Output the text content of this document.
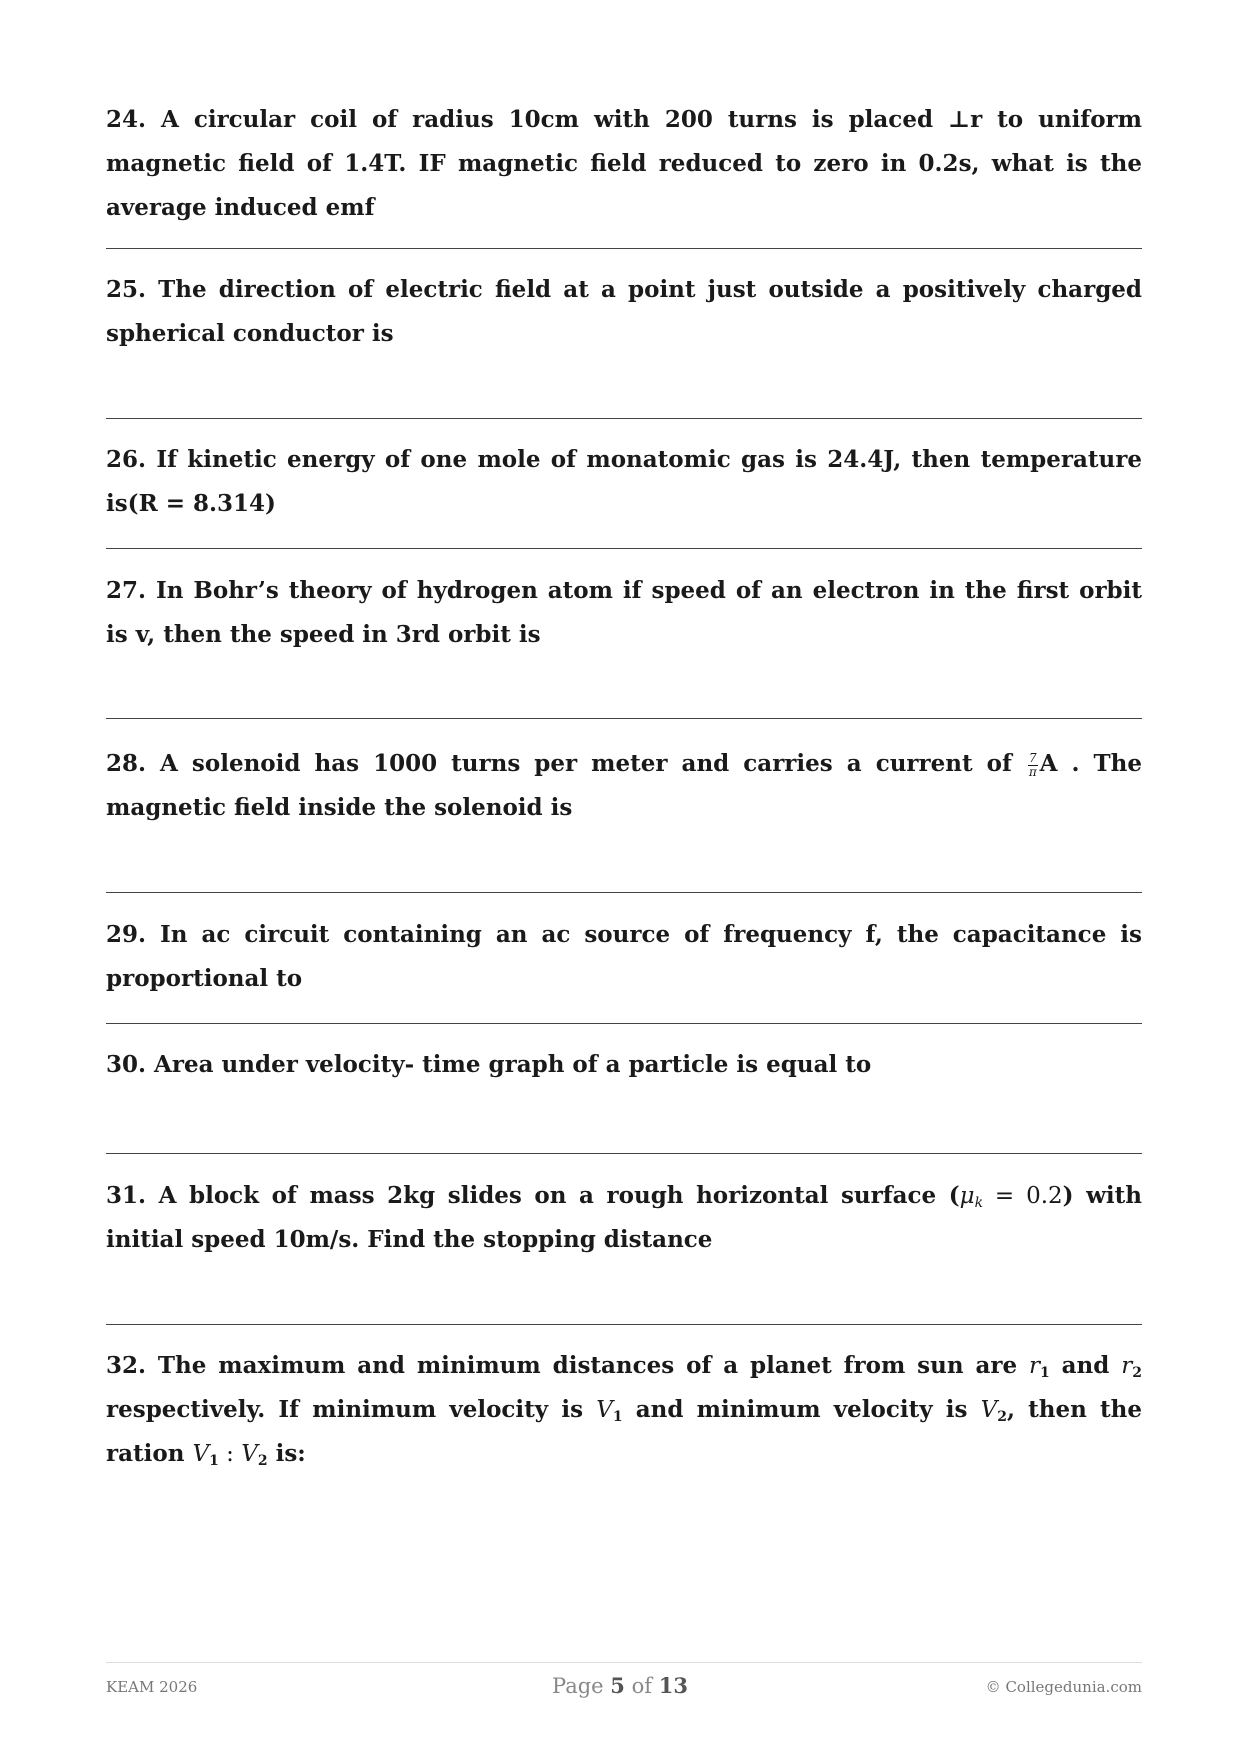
24. A circular coil of radius 10cm with 200 turns is placed ⊥r to uniform magnetic field of 1.4T. IF magnetic field reduced to zero in 0.2s, what is the average induced emf
25. The direction of electric field at a point just outside a positively charged spherical conductor is
26. If kinetic energy of one mole of monatomic gas is 24.4J, then temperature is(R = 8.314)
27. In Bohr’s theory of hydrogen atom if speed of an electron in the first orbit is v, then the speed in 3rd orbit is
28. A solenoid has 1000 turns per meter and carries a current of $\frac{7}{\pi}$ A . The magnetic field inside the solenoid is
29. In ac circuit containing an ac source of frequency f, the capacitance is proportional to
30. Area under velocity- time graph of a particle is equal to
31. A block of mass 2kg slides on a rough horizontal surface $(\mu_k = 0.2)$ with initial speed 10m/s. Find the stopping distance
32. The maximum and minimum distances of a planet from sun are $r_1$ and $r_2$ respectively. If minimum velocity is $V_1$ and minimum velocity is $V_2$, then the ration $V_1$ : $V_2$ is:
KEAM 2026	Page 5 of 13	© Collegedunia.com
